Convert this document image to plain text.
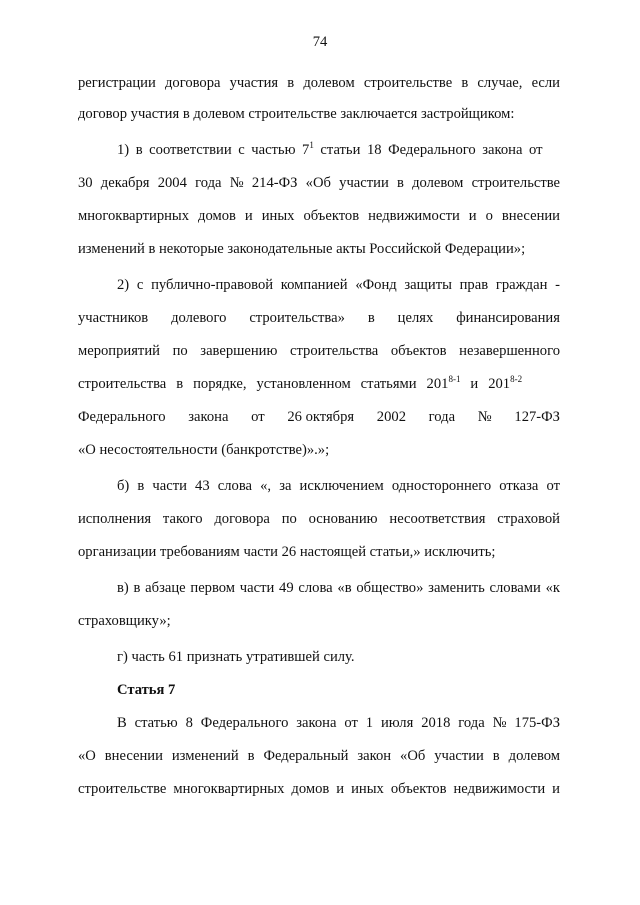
74
регистрации договора участия в долевом строительстве в случае, если
договор участия в долевом строительстве заключается застройщиком:
1) в соответствии с частью $7^1$ статьи 18 Федерального закона от
30 декабря 2004 года № 214-ФЗ «Об участии в долевом строительстве
многоквартирных домов и иных объектов недвижимости и о внесении
изменений в некоторые законодательные акты Российской Федерации»;
2) с публично-правовой компанией «Фонд защиты прав граждан -
участников долевого строительства» в целях финансирования
мероприятий по завершению строительства объектов незавершенного
строительства в порядке, установленном статьями 201$^{8-1}$ и 201$^{8-2}$
Федерального закона от 26 октября 2002 года № 127-ФЗ
«О несостоятельности (банкротстве)».»;
б) в части 43 слова «, за исключением одностороннего отказа от
исполнения такого договора по основанию несоответствия страховой
организации требованиям части 26 настоящей статьи,» исключить;
в) в абзаце первом части 49 слова «в общество» заменить словами «к
страховщику»;
г) часть 61 признать утратившей силу.
Статья 7
В статью 8 Федерального закона от 1 июля 2018 года № 175-ФЗ
«О внесении изменений в Федеральный закон «Об участии в долевом
строительстве многоквартирных домов и иных объектов недвижимости и
